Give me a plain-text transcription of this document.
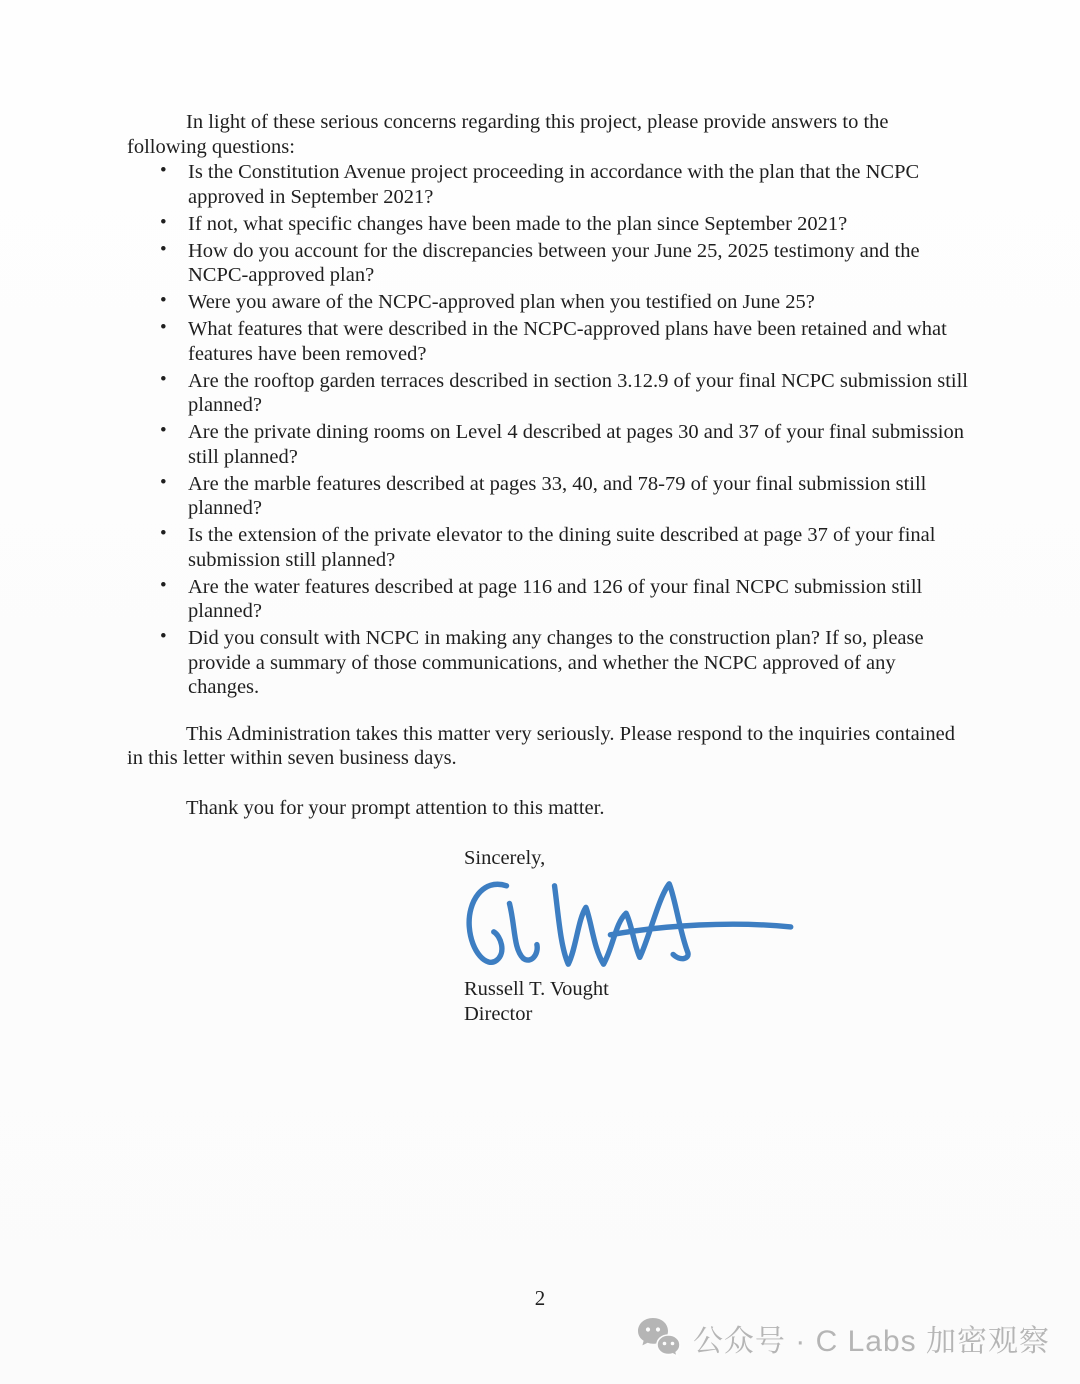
In light of these serious concerns regarding this project, please provide answers to the following questions:

• Is the Constitution Avenue project proceeding in accordance with the plan that the NCPC approved in September 2021?
• If not, what specific changes have been made to the plan since September 2021?
• How do you account for the discrepancies between your June 25, 2025 testimony and the NCPC-approved plan?
• Were you aware of the NCPC-approved plan when you testified on June 25?
• What features that were described in the NCPC-approved plans have been retained and what features have been removed?
• Are the rooftop garden terraces described in section 3.12.9 of your final NCPC submission still planned?
• Are the private dining rooms on Level 4 described at pages 30 and 37 of your final submission still planned?
• Are the marble features described at pages 33, 40, and 78-79 of your final submission still planned?
• Is the extension of the private elevator to the dining suite described at page 37 of your final submission still planned?
• Are the water features described at page 116 and 126 of your final NCPC submission still planned?
• Did you consult with NCPC in making any changes to the construction plan? If so, please provide a summary of those communications, and whether the NCPC approved of any changes.

This Administration takes this matter very seriously. Please respond to the inquiries contained in this letter within seven business days.

Thank you for your prompt attention to this matter.

Sincerely,

Russell T. Vought

Director

2
公众号 · C Labs 加密观察
